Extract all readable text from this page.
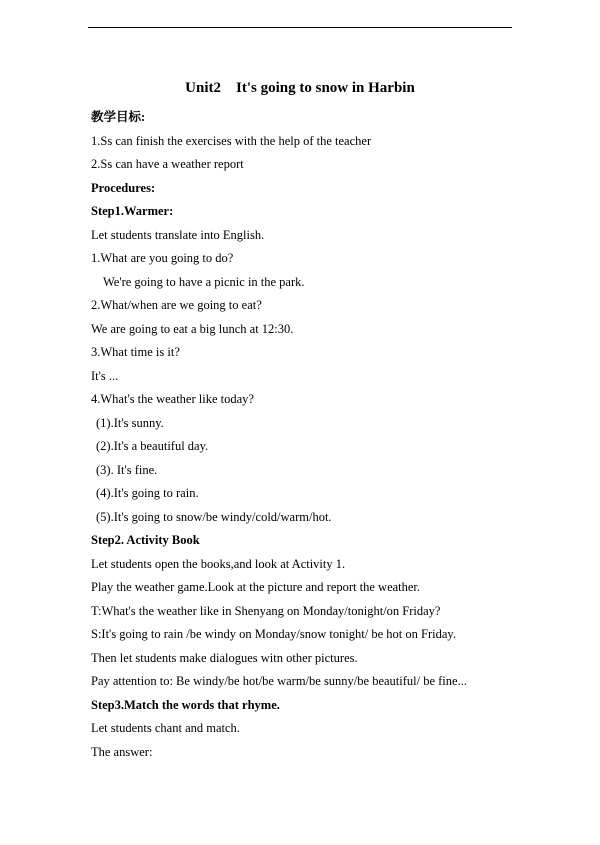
Unit2    It's going to snow in Harbin
教学目标:
1.Ss can finish the exercises with the help of the teacher
2.Ss can have a weather report
Procedures:
Step1.Warmer:
Let students translate into English.
1.What are you going to do?
We're going to have a picnic in the park.
2.What/when are we going to eat?
We are going to eat a big lunch at 12:30.
3.What time is it?
It's ...
4.What's the weather like today?
(1).It's sunny.
(2).It's a beautiful day.
(3). It's fine.
(4).It's going to rain.
(5).It's going to snow/be windy/cold/warm/hot.
Step2. Activity Book
Let students open the books,and look at Activity 1.
Play the weather game.Look at the picture and report the weather.
T:What's the weather like in Shenyang on Monday/tonight/on Friday?
S:It's going to rain /be windy on Monday/snow tonight/ be hot on Friday.
Then let students make dialogues witn other pictures.
Pay attention to: Be windy/be hot/be warm/be sunny/be beautiful/ be fine...
Step3.Match the words that rhyme.
Let students chant and match.
The answer:
